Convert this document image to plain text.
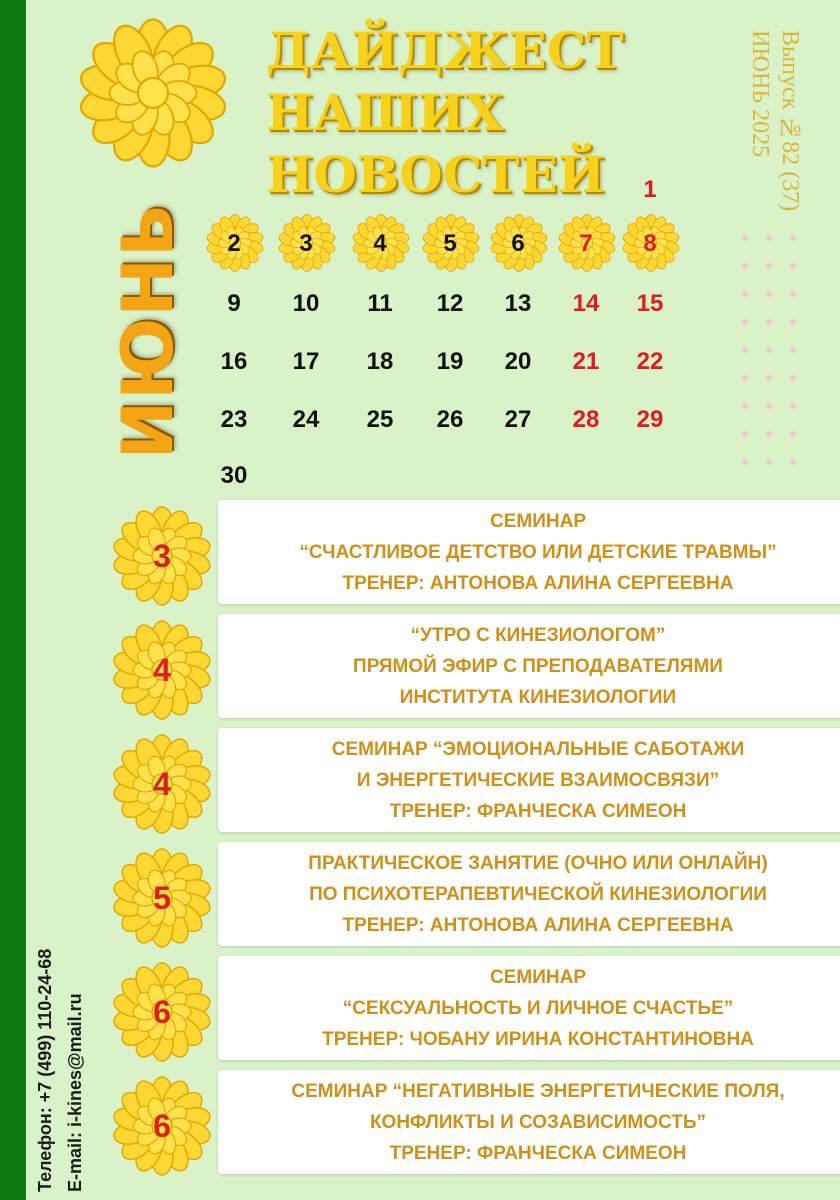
ДАЙДЖЕСТ
НАШИХ
НОВОСТЕЙ	Выпуск №82 (37)
ИЮНЬ 2025
ИЮНЬ
1
2 3	4 5 6 7 8
9 10 11 12 13 14 15
16 17 18 19 20 21 22
23 24 25 26 27 28 29
30
3
СЕМИНАР
“СЧАСТЛИВОЕ ДЕТСТВО ИЛИ ДЕТСКИЕ ТРАВМЫ”
ТРЕНЕР: АНТОНОВА АЛИНА СЕРГЕЕВНА
4
“УТРО С КИНЕЗИОЛОГОМ”
ПРЯМОЙ ЭФИР С ПРЕПОДАВАТЕЛЯМИ
ИНСТИТУТА КИНЕЗИОЛОГИИ
4
СЕМИНАР “ЭМОЦИОНАЛЬНЫЕ САБОТАЖИ
И ЭНЕРГЕТИЧЕСКИЕ ВЗАИМОСВЯЗИ”
ТРЕНЕР: ФРАНЧЕСКА СИМЕОН
5
ПРАКТИЧЕСКОЕ ЗАНЯТИЕ (ОЧНО ИЛИ ОНЛАЙН)
ПО ПСИХОТЕРАПЕВТИЧЕСКОЙ КИНЕЗИОЛОГИИ
ТРЕНЕР: АНТОНОВА АЛИНА СЕРГЕЕВНА
6
СЕМИНАР
“СЕКСУАЛЬНОСТЬ И ЛИЧНОЕ СЧАСТЬЕ”
ТРЕНЕР: ЧОБАНУ ИРИНА КОНСТАНТИНОВНА
6
СЕМИНАР “НЕГАТИВНЫЕ ЭНЕРГЕТИЧЕСКИЕ ПОЛЯ,
КОНФЛИКТЫ И СОЗАВИСИМОСТЬ”
ТРЕНЕР: ФРАНЧЕСКА СИМЕОН
Телефон: +7 (499) 110-24-68 E-mail: i-kines@mail.ru
